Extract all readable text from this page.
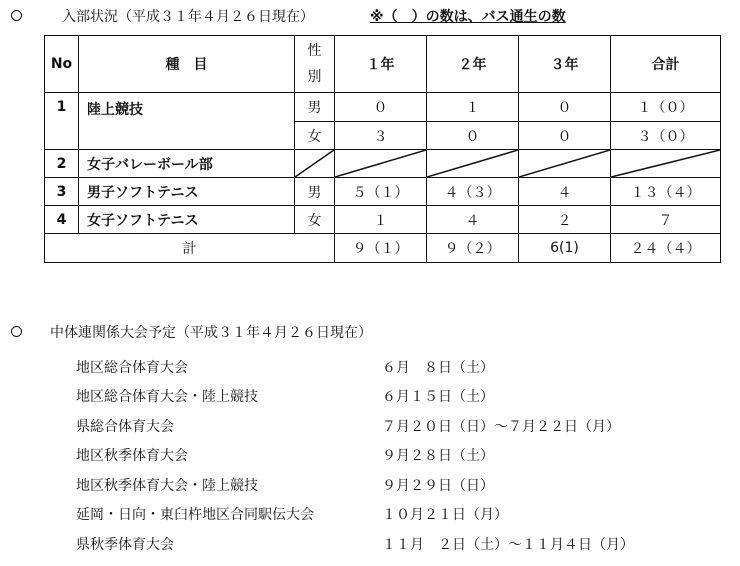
入部状況（平成３１年４月２６日現在）	※（　）の数は、バス通生の数
No	種　目	性別	１年	２年	３年	合計
1	陸上競技	男	０	１	０	１（０）
		女	３	０	０	３（０）
2	女子バレーボール部	

3	男子ソフトテニス	男	５（１）	４（３）	４	１３（４）
4	女子ソフトテニス	女	１	４	２	７
計			９（１）	９（２）	6(1)	２４（４）
中体連関係大会予定（平成３１年４月２６日現在）
地区総合体育大会	６月　８日（土）
地区総合体育大会・陸上競技	６月１５日（土）
県総合体育大会	７月２０日（日）～７月２２日（月）
地区秋季体育大会	９月２８日（土）
地区秋季体育大会・陸上競技	９月２９日（日）
延岡・日向・東臼杵地区合同駅伝大会	１０月２１日（月）
県秋季体育大会	１１月　２日（土）～１１月４日（月）
